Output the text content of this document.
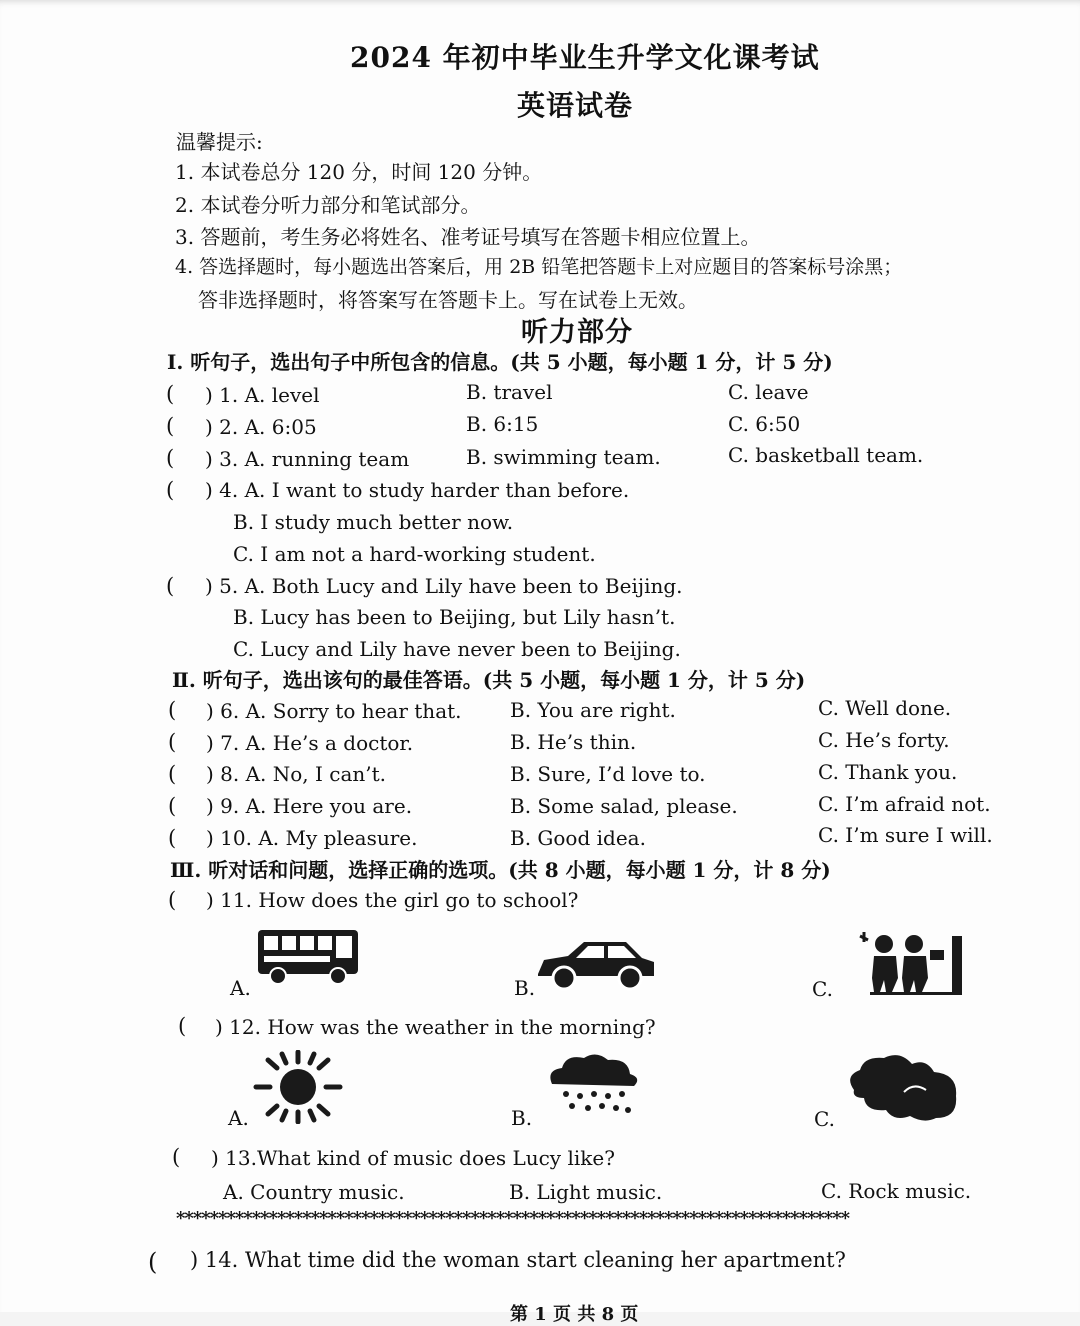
2024 年初中毕业生升学文化课考试
英语试卷
温馨提示:
1. 本试卷总分 120 分，时间 120 分钟。
2. 本试卷分听力部分和笔试部分。
3. 答题前，考生务必将姓名、准考证号填写在答题卡相应位置上。
4. 答选择题时，每小题选出答案后，用 2B 铅笔把答题卡上对应题目的答案标号涂黑；
答非选择题时，将答案写在答题卡上。写在试卷上无效。
听力部分
I. 听句子，选出句子中所包含的信息。(共 5 小题，每小题 1 分，计 5 分)
( ) 1. A. level	B. travel	C. leave
( ) 2. A. 6:05	B. 6:15	C. 6:50
( ) 3. A. running team	B. swimming team.	C. basketball team.
( ) 4. A. I want to study harder than before.
B. I study much better now.
C. I am not a hard-working student.
( ) 5. A. Both Lucy and Lily have been to Beijing.
B. Lucy has been to Beijing, but Lily hasn’t.
C. Lucy and Lily have never been to Beijing.
Ⅱ. 听句子，选出该句的最佳答语。(共 5 小题，每小题 1 分，计 5 分)
( ) 6. A. Sorry to hear that. B. You are right.	C. Well done.
( ) 7. A. He’s a doctor.	B. He’s thin.	C. He’s forty.
( ) 8. A. No, I can’t.	B. Sure, I’d love to.	C. Thank you.
( ) 9. A. Here you are.	B. Some salad, please.	C. I’m afraid not.
( ) 10. A. My pleasure.	B. Good idea.	C. I’m sure I will.
Ⅲ. 听对话和问题，选择正确的选项。(共 8 小题，每小题 1 分，计 8 分)
( ) 11. How does the girl go to school?
A.	B.	C.
( ) 12. How was the weather in the morning?
A.	B.	C.
( ) 13.What kind of music does Lucy like?
A. Country music.	B. Light music.	C. Rock music.
********************************************************************************
( ) 14. What time did the woman start cleaning her apartment?
第 1 页 共 8 页
